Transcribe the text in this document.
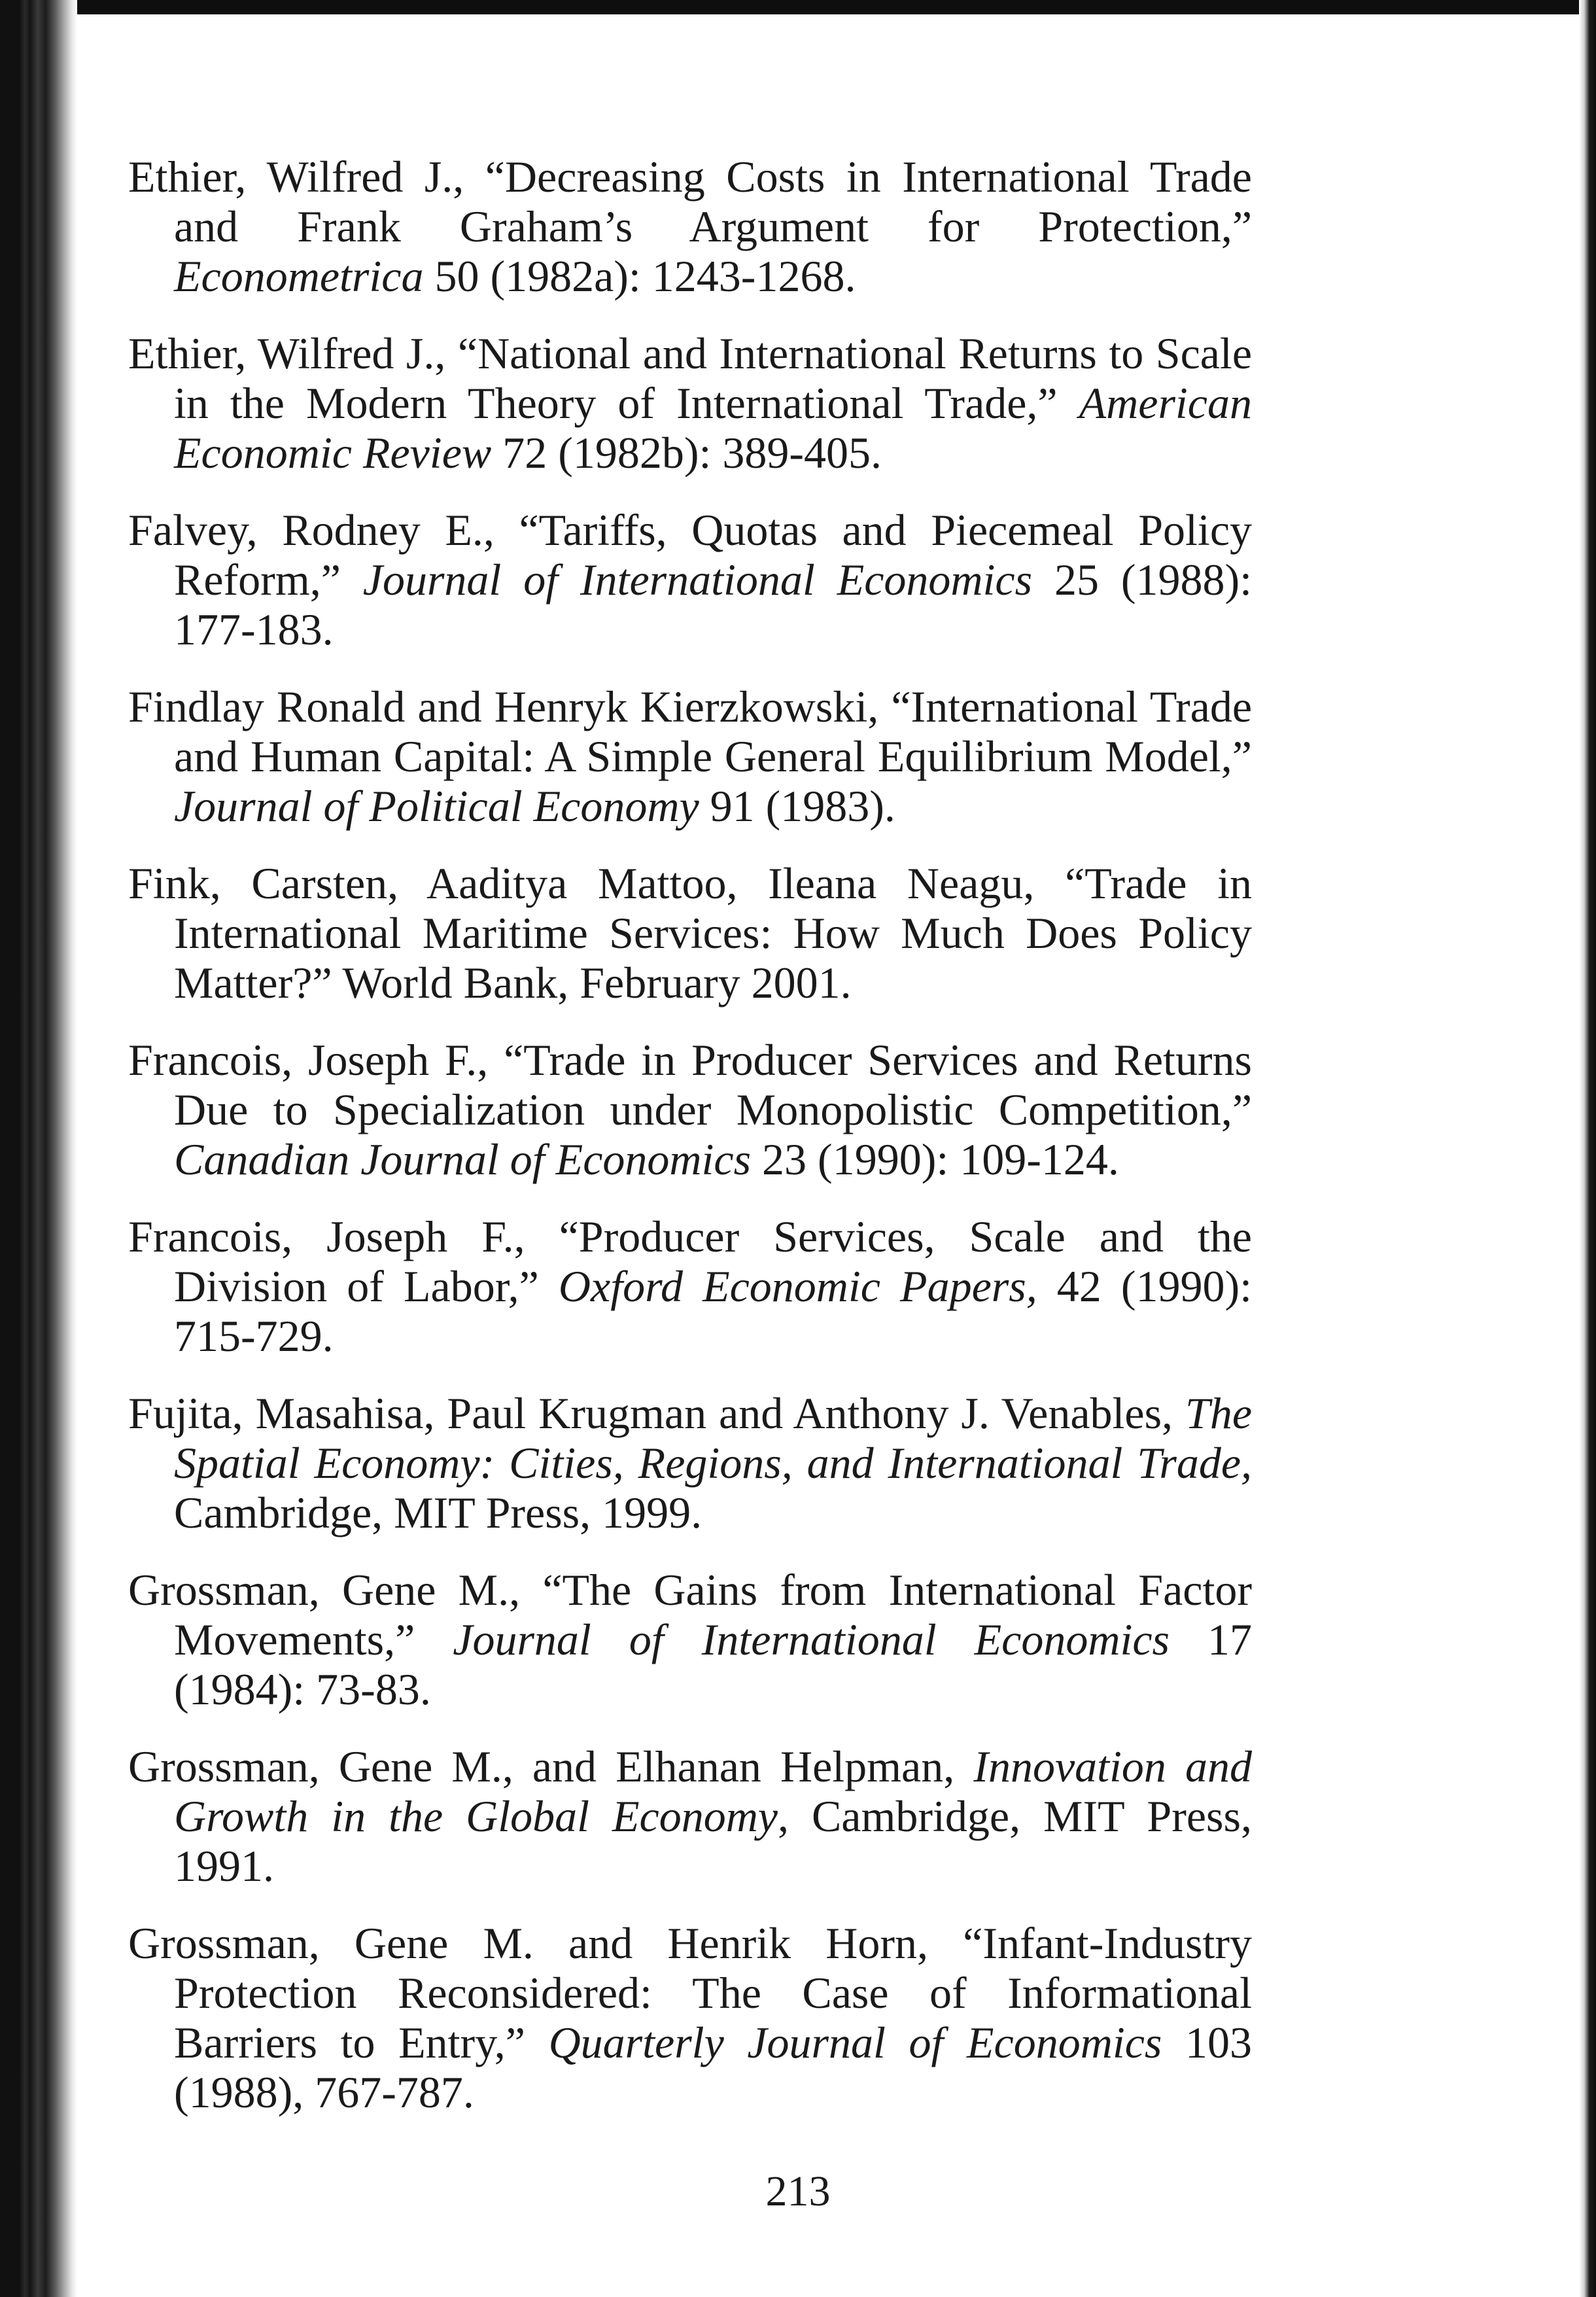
Ethier, Wilfred J., “Decreasing Costs in International Trade and Frank Graham’s Argument for Protection,” Econometrica 50 (1982a): 1243-1268.

Ethier, Wilfred J., “National and International Returns to Scale in the Modern Theory of International Trade,” American Economic Review 72 (1982b): 389-405.

Falvey, Rodney E., “Tariffs, Quotas and Piecemeal Policy Reform,” Journal of International Economics 25 (1988): 177-183.

Findlay Ronald and Henryk Kierzkowski, “International Trade and Human Capital: A Simple General Equilibrium Model,” Journal of Political Economy 91 (1983).

Fink, Carsten, Aaditya Mattoo, Ileana Neagu, “Trade in International Maritime Services: How Much Does Policy Matter?” World Bank, February 2001.

Francois, Joseph F., “Trade in Producer Services and Returns Due to Specialization under Monopolistic Competition,” Canadian Journal of Economics 23 (1990): 109-124.

Francois, Joseph F., “Producer Services, Scale and the Division of Labor,” Oxford Economic Papers, 42 (1990): 715-729.

Fujita, Masahisa, Paul Krugman and Anthony J. Venables, The Spatial Economy: Cities, Regions, and International Trade, Cambridge, MIT Press, 1999.

Grossman, Gene M., “The Gains from International Factor Movements,” Journal of International Economics 17 (1984): 73-83.

Grossman, Gene M., and Elhanan Helpman, Innovation and Growth in the Global Economy, Cambridge, MIT Press, 1991.

Grossman, Gene M. and Henrik Horn, “Infant-Industry Protection Reconsidered: The Case of Informational Barriers to Entry,” Quarterly Journal of Economics 103 (1988), 767-787.

213
